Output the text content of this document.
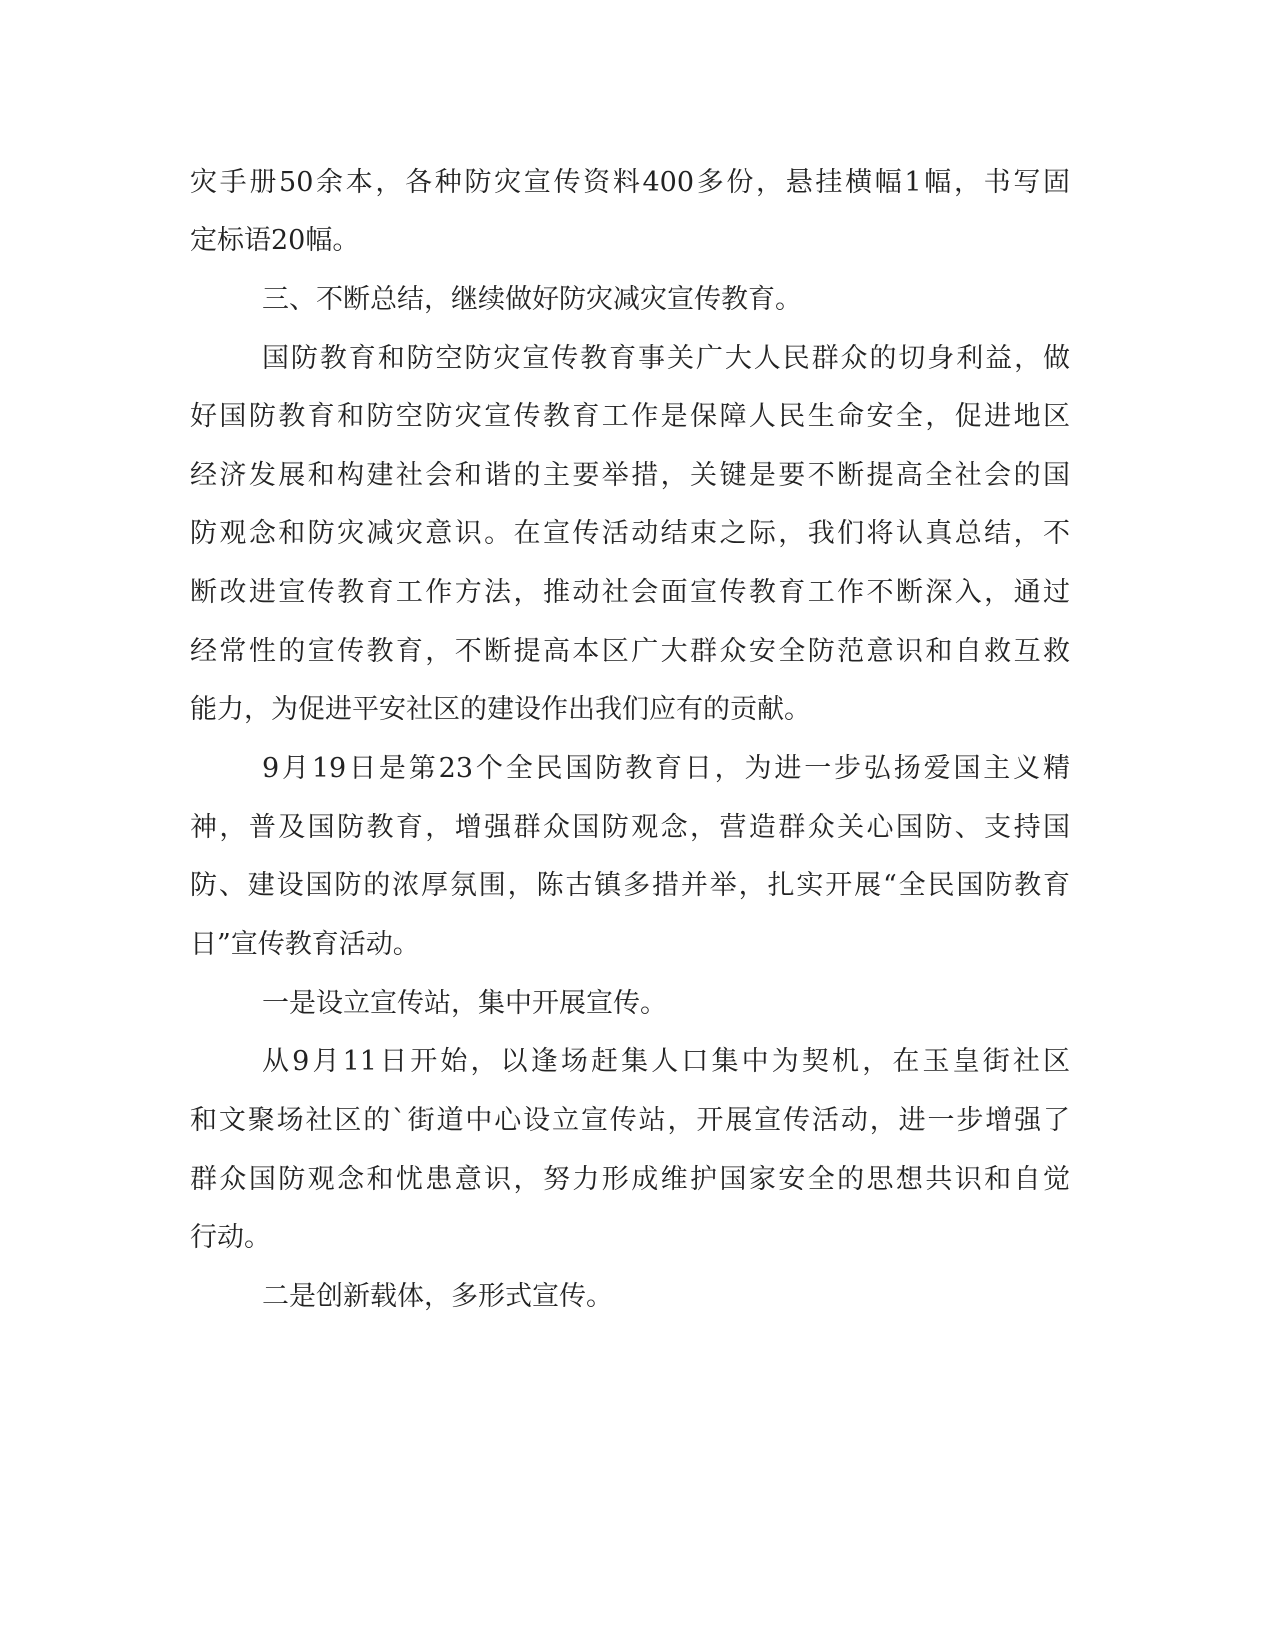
灾手册50余本，各种防灾宣传资料400多份，悬挂横幅1幅，书写固
定标语20幅。
三、不断总结，继续做好防灾减灾宣传教育。
国防教育和防空防灾宣传教育事关广大人民群众的切身利益，做
好国防教育和防空防灾宣传教育工作是保障人民生命安全，促进地区
经济发展和构建社会和谐的主要举措，关键是要不断提高全社会的国
防观念和防灾减灾意识。在宣传活动结束之际，我们将认真总结，不
断改进宣传教育工作方法，推动社会面宣传教育工作不断深入，通过
经常性的宣传教育，不断提高本区广大群众安全防范意识和自救互救
能力，为促进平安社区的建设作出我们应有的贡献。
9月19日是第23个全民国防教育日，为进一步弘扬爱国主义精
神，普及国防教育，增强群众国防观念，营造群众关心国防、支持国
防、建设国防的浓厚氛围，陈古镇多措并举，扎实开展“全民国防教育
日”宣传教育活动。
一是设立宣传站，集中开展宣传。
从9月11日开始，以逢场赶集人口集中为契机，在玉皇街社区
和文聚场社区的`街道中心设立宣传站，开展宣传活动，进一步增强了
群众国防观念和忧患意识，努力形成维护国家安全的思想共识和自觉
行动。
二是创新载体，多形式宣传。
